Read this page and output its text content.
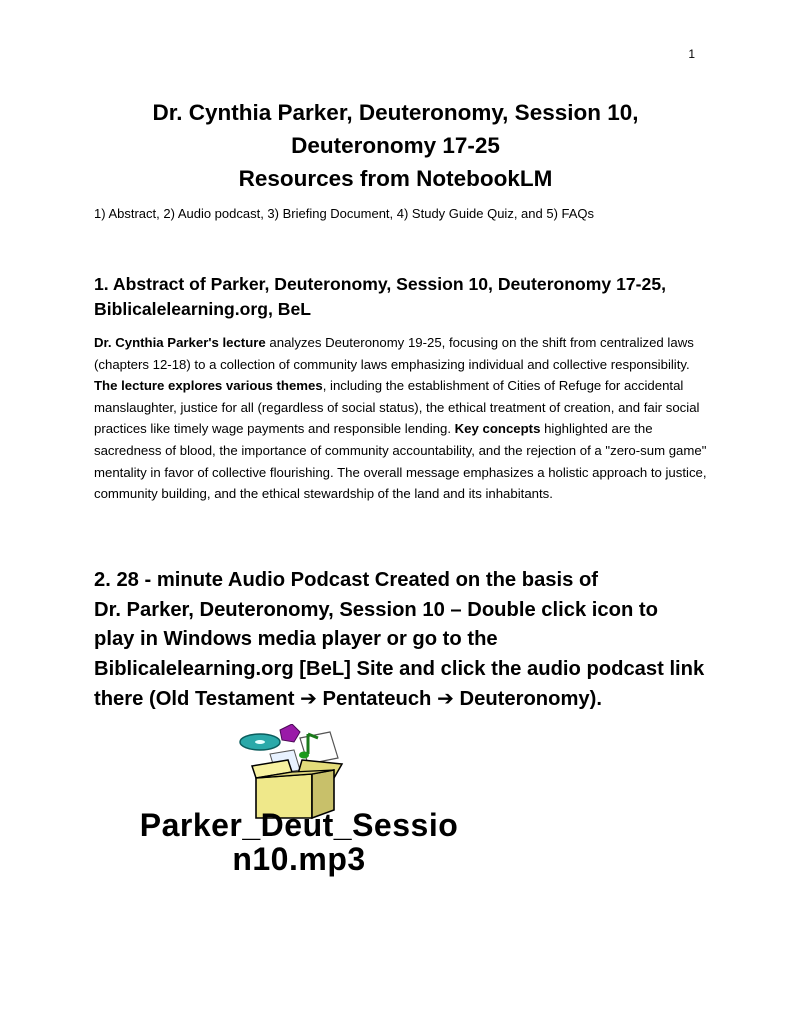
1
Dr. Cynthia Parker, Deuteronomy, Session 10,
Deuteronomy 17-25
Resources from NotebookLM
1) Abstract, 2) Audio podcast, 3) Briefing Document, 4) Study Guide Quiz, and 5) FAQs
1. Abstract of Parker, Deuteronomy, Session 10, Deuteronomy 17-25,
Biblicalelearning.org, BeL
Dr. Cynthia Parker's lecture analyzes Deuteronomy 19-25, focusing on the shift from centralized laws (chapters 12-18) to a collection of community laws emphasizing individual and collective responsibility. The lecture explores various themes, including the establishment of Cities of Refuge for accidental manslaughter, justice for all (regardless of social status), the ethical treatment of creation, and fair social practices like timely wage payments and responsible lending. Key concepts highlighted are the sacredness of blood, the importance of community accountability, and the rejection of a "zero-sum game" mentality in favor of collective flourishing. The overall message emphasizes a holistic approach to justice, community building, and the ethical stewardship of the land and its inhabitants.
2. 28 - minute Audio Podcast Created on the basis of
Dr. Parker, Deuteronomy, Session 10 – Double click icon to
play in Windows media player or go to the
Biblicalelearning.org [BeL] Site and click the audio podcast link
there (Old Testament ➔ Pentateuch ➔ Deuteronomy).
Parker_Deut_Sessio
n10.mp3
